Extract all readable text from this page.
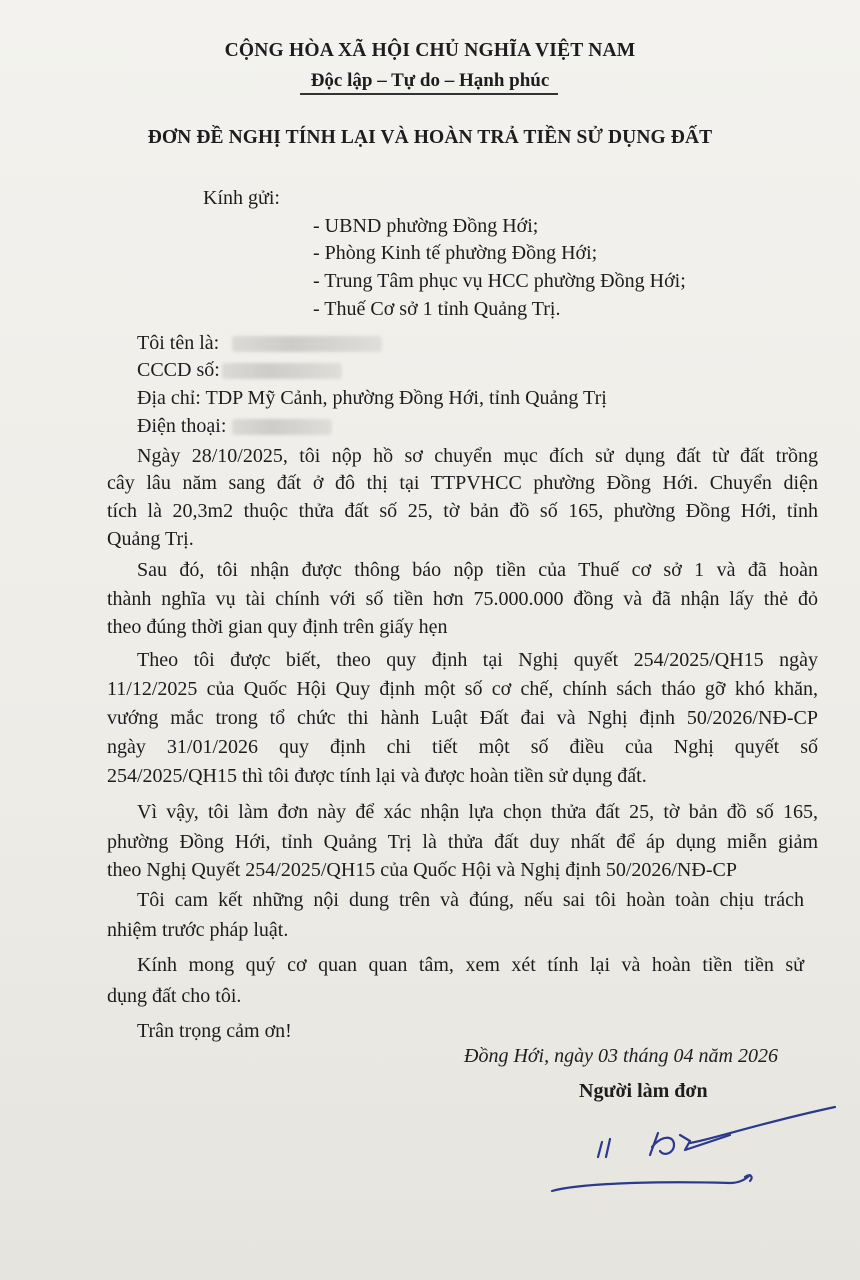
CỘNG HÒA XÃ HỘI CHỦ NGHĨA VIỆT NAM
Độc lập – Tự do – Hạnh phúc
ĐƠN ĐỀ NGHỊ TÍNH LẠI VÀ HOÀN TRẢ TIỀN SỬ DỤNG ĐẤT
Kính gửi:
- UBND phường Đồng Hới;
- Phòng Kinh tế phường Đồng Hới;
- Trung Tâm phục vụ HCC phường Đồng Hới;
- Thuế Cơ sở 1 tỉnh Quảng Trị.
Tôi tên là:
CCCD số:
Địa chỉ: TDP Mỹ Cảnh, phường Đồng Hới, tỉnh Quảng Trị
Điện thoại:
Ngày 28/10/2025, tôi nộp hồ sơ chuyển mục đích sử dụng đất từ đất trồng
cây lâu năm sang đất ở đô thị tại TTPVHCC phường Đồng Hới. Chuyển diện
tích là 20,3m2 thuộc thửa đất số 25, tờ bản đồ số 165, phường Đồng Hới, tỉnh
Quảng Trị.
Sau đó, tôi nhận được thông báo nộp tiền của Thuế cơ sở 1 và đã hoàn
thành nghĩa vụ tài chính với số tiền hơn 75.000.000 đồng và đã nhận lấy thẻ đỏ
theo đúng thời gian quy định trên giấy hẹn
Theo tôi được biết, theo quy định tại Nghị quyết 254/2025/QH15 ngày
11/12/2025 của Quốc Hội Quy định một số cơ chế, chính sách tháo gỡ khó khăn,
vướng mắc trong tổ chức thi hành Luật Đất đai và Nghị định 50/2026/NĐ-CP
ngày 31/01/2026 quy định chi tiết một số điều của Nghị quyết số
254/2025/QH15 thì tôi được tính lại và được hoàn tiền sử dụng đất.
Vì vậy, tôi làm đơn này để xác nhận lựa chọn thửa đất 25, tờ bản đồ số 165,
phường Đồng Hới, tỉnh Quảng Trị là thửa đất duy nhất để áp dụng miễn giảm
theo Nghị Quyết 254/2025/QH15 của Quốc Hội và Nghị định 50/2026/NĐ-CP
Tôi cam kết những nội dung trên và đúng, nếu sai tôi hoàn toàn chịu trách
nhiệm trước pháp luật.
Kính mong quý cơ quan quan tâm, xem xét tính lại và hoàn tiền tiền sử
dụng đất cho tôi.
Trân trọng cảm ơn!
Đồng Hới, ngày 03 tháng 04 năm 2026
Người làm đơn
